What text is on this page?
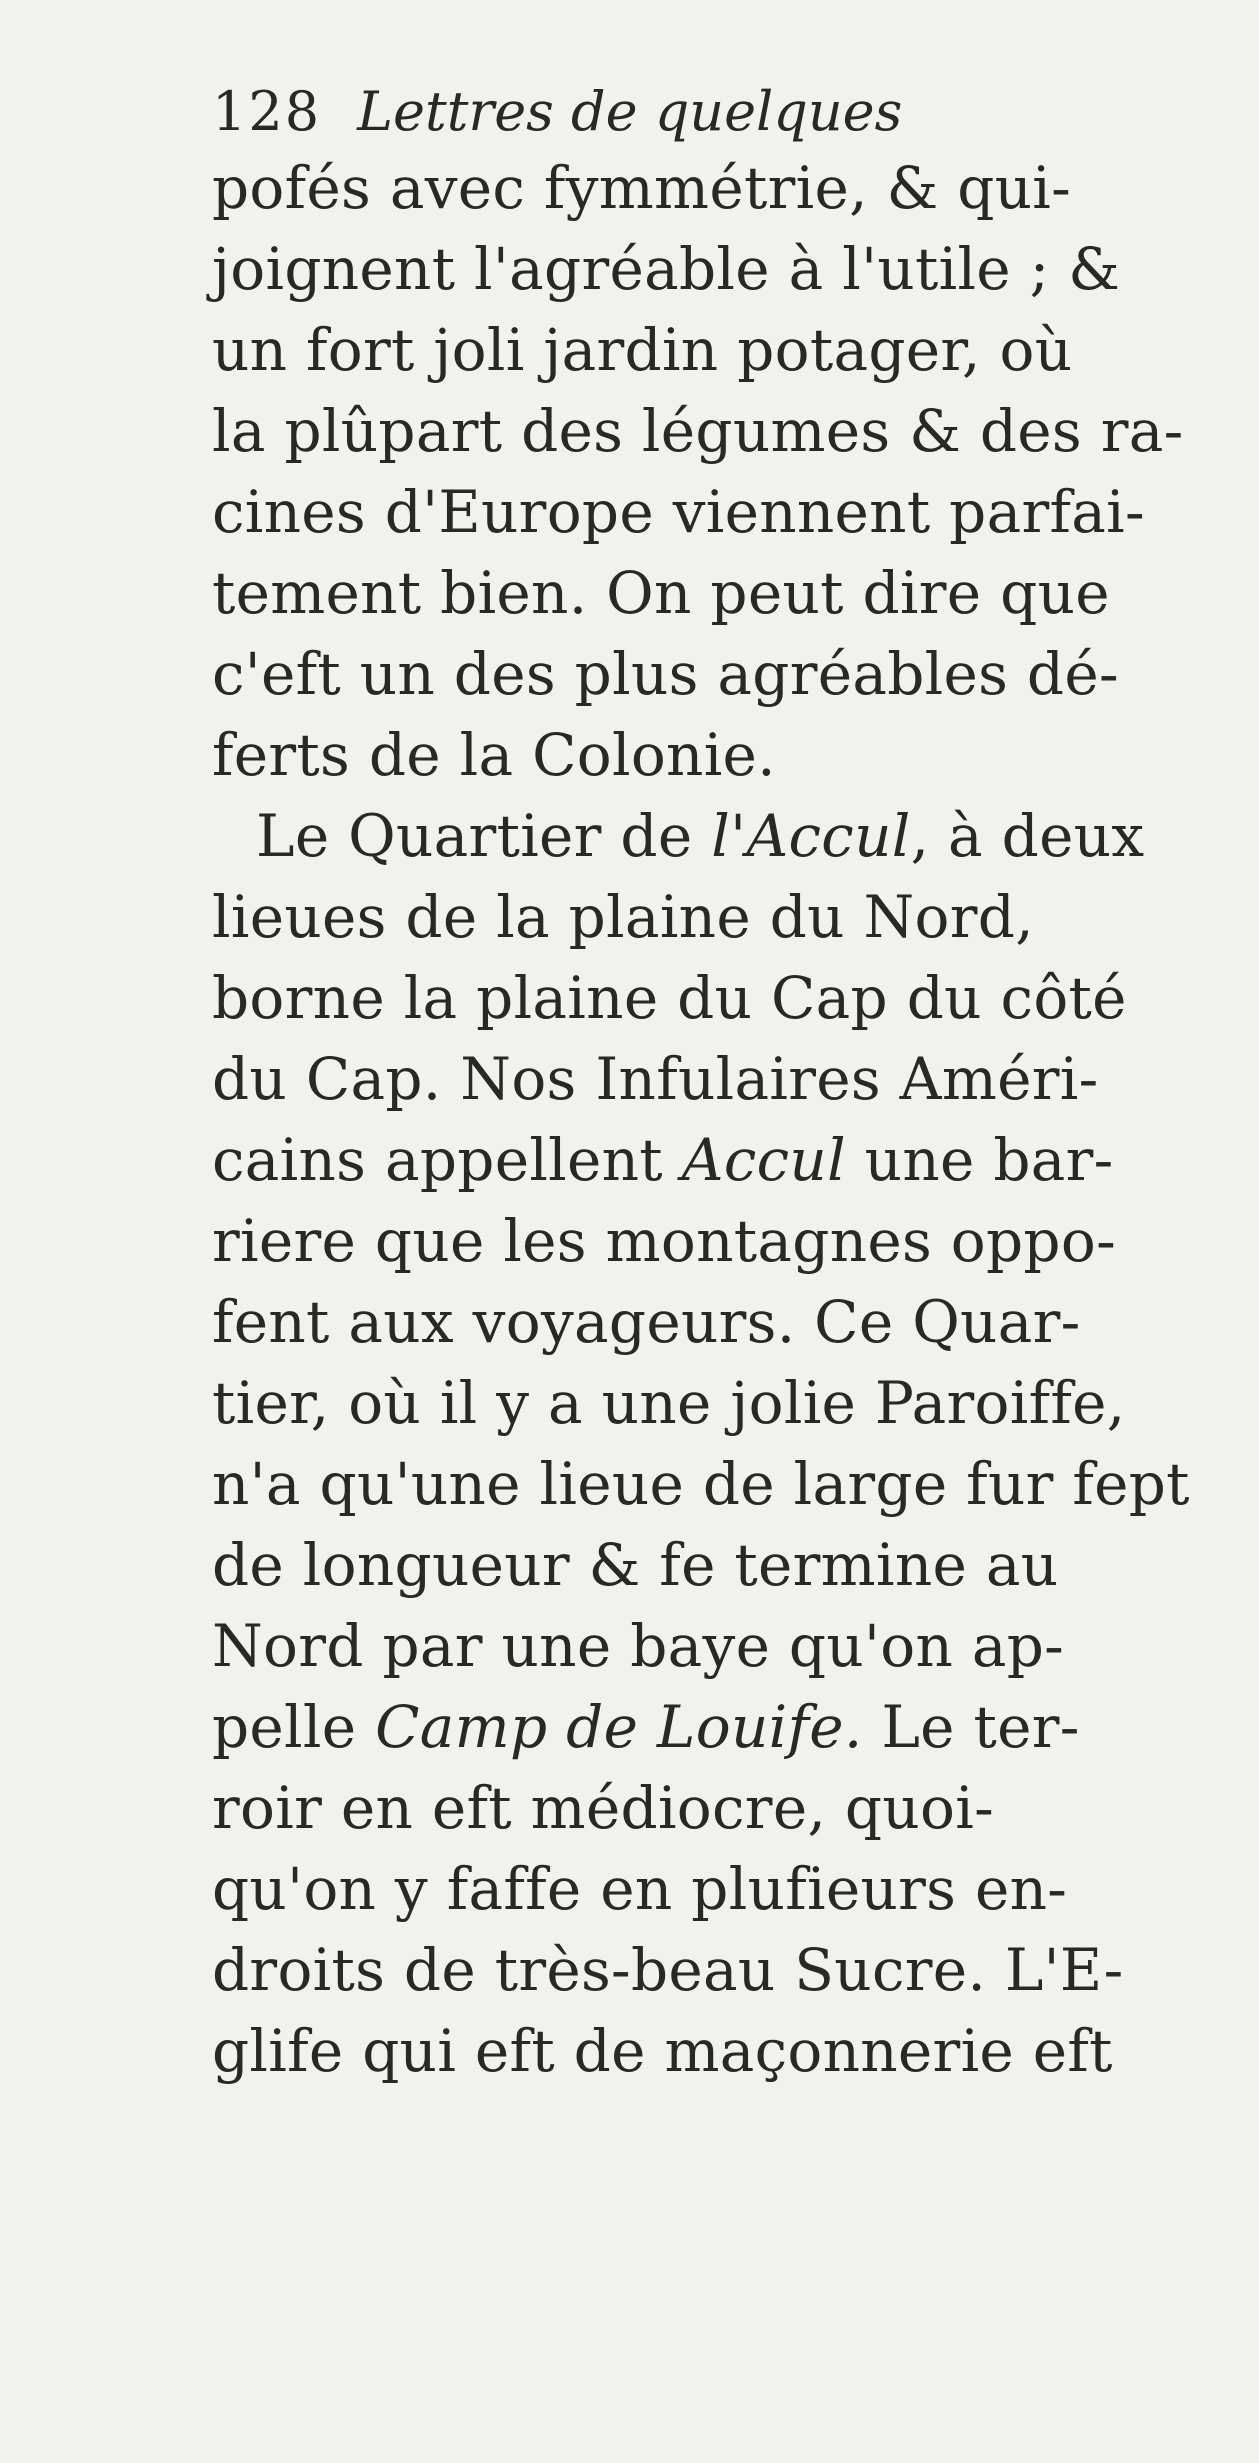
128 Lettres de quelques
pofés avec fymmétrie, & qui-
joignent l'agréable à l'utile ; &
un fort joli jardin potager, où
la plûpart des légumes & des ra-
cines d'Europe viennent parfai-
tement bien. On peut dire que
c'eft un des plus agréables dé-
ferts de la Colonie.
Le Quartier de l'Accul, à deux
lieues de la plaine du Nord,
borne la plaine du Cap du côté
du Cap. Nos Infulaires Améri-
cains appellent Accul une bar-
riere que les montagnes oppo-
fent aux voyageurs. Ce Quar-
tier, où il y a une jolie Paroiffe,
n'a qu'une lieue de large fur fept
de longueur & fe termine au
Nord par une baye qu'on ap-
pelle Camp de Louife. Le ter-
roir en eft médiocre, quoi-
qu'on y faffe en plufieurs en-
droits de très-beau Sucre. L'E-
glife qui eft de maçonnerie eft
